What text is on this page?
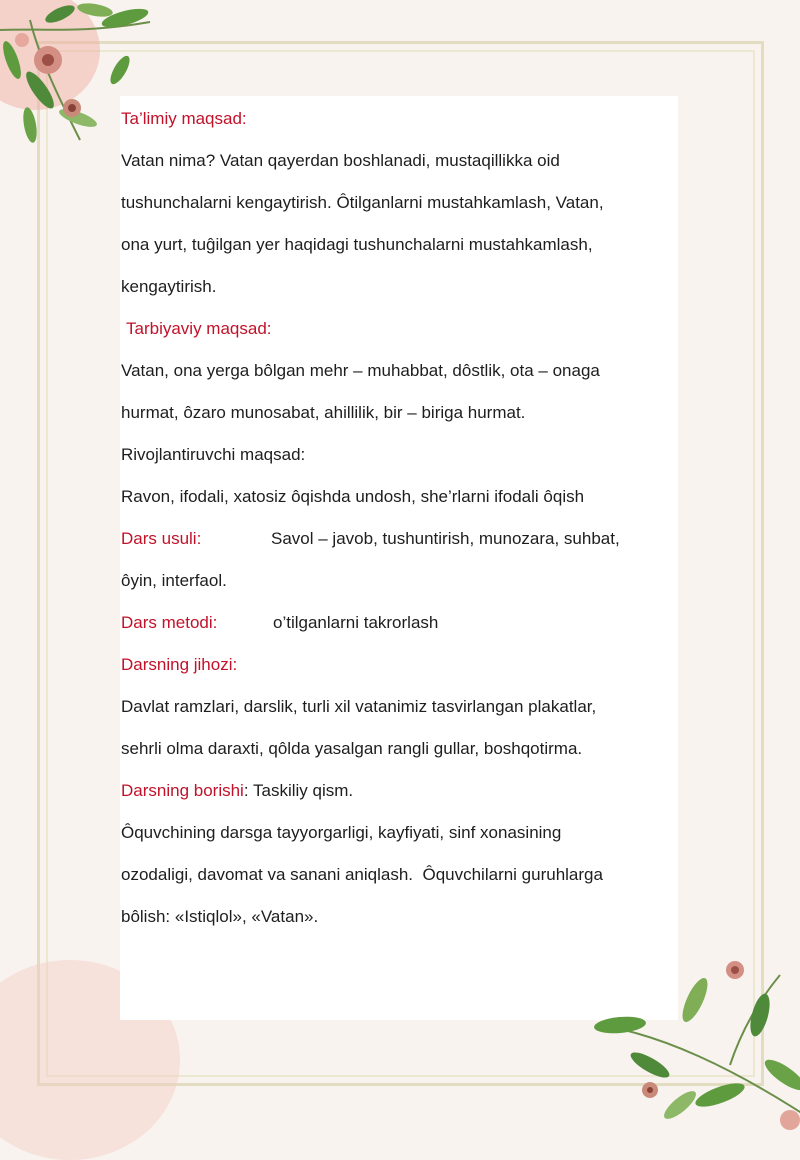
Ta’limiy maqsad:

Vatan nima? Vatan qayerdan boshlanadi, mustaqillikka oid

tushunchalarni kengaytirish. Ôtilganlarni mustahkamlash, Vatan,

ona yurt, tuĝilgan yer haqidagi tushunchalarni mustahkamlash,

kengaytirish.

Tarbiyaviy maqsad:

Vatan, ona yerga bôlgan mehr – muhabbat, dôstlik, ota – onaga

hurmat, ôzaro munosabat, ahillilik, bir – biriga hurmat.

Rivojlantiruvchi maqsad:

Ravon, ifodali, xatosiz ôqishda undosh, she’rlarni ifodali ôqish

Dars usuli:	Savol – javob, tushuntirish, munozara, suhbat,

ôyin, interfaol.

Dars metodi:	o’tilganlarni takrorlash

Darsning jihozi:

Davlat ramzlari, darslik, turli xil vatanimiz tasvirlangan plakatlar,

sehrli olma daraxti, qôlda yasalgan rangli gullar, boshqotirma.

Darsning borishi: Taskiliy qism.

Ôquvchining darsga tayyorgarligi, kayfiyati, sinf xonasining

ozodaligi, davomat va sanani aniqlash.  Ôquvchilarni guruhlarga

bôlish: «Istiqlol», «Vatan».
